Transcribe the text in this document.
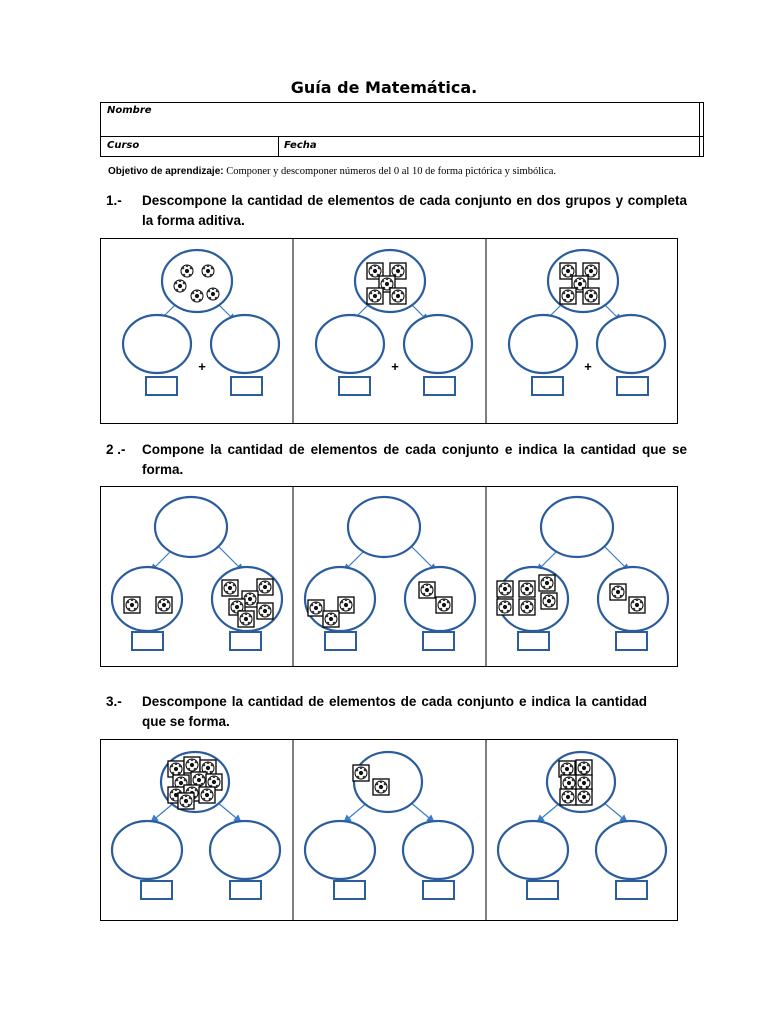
Guía de Matemática.
Nombre
Curso	Fecha
Objetivo de aprendizaje: Componer y descomponer números del 0 al 10 de forma pictórica y simbólica.
1.- Descompone la cantidad de elementos de cada conjunto en dos grupos y completa la forma aditiva.
+	+	+
2 .- Compone la cantidad de elementos de cada conjunto e indica la cantidad que se forma.
3.- Descompone la cantidad de elementos de cada conjunto e indica la cantidad que se forma.
